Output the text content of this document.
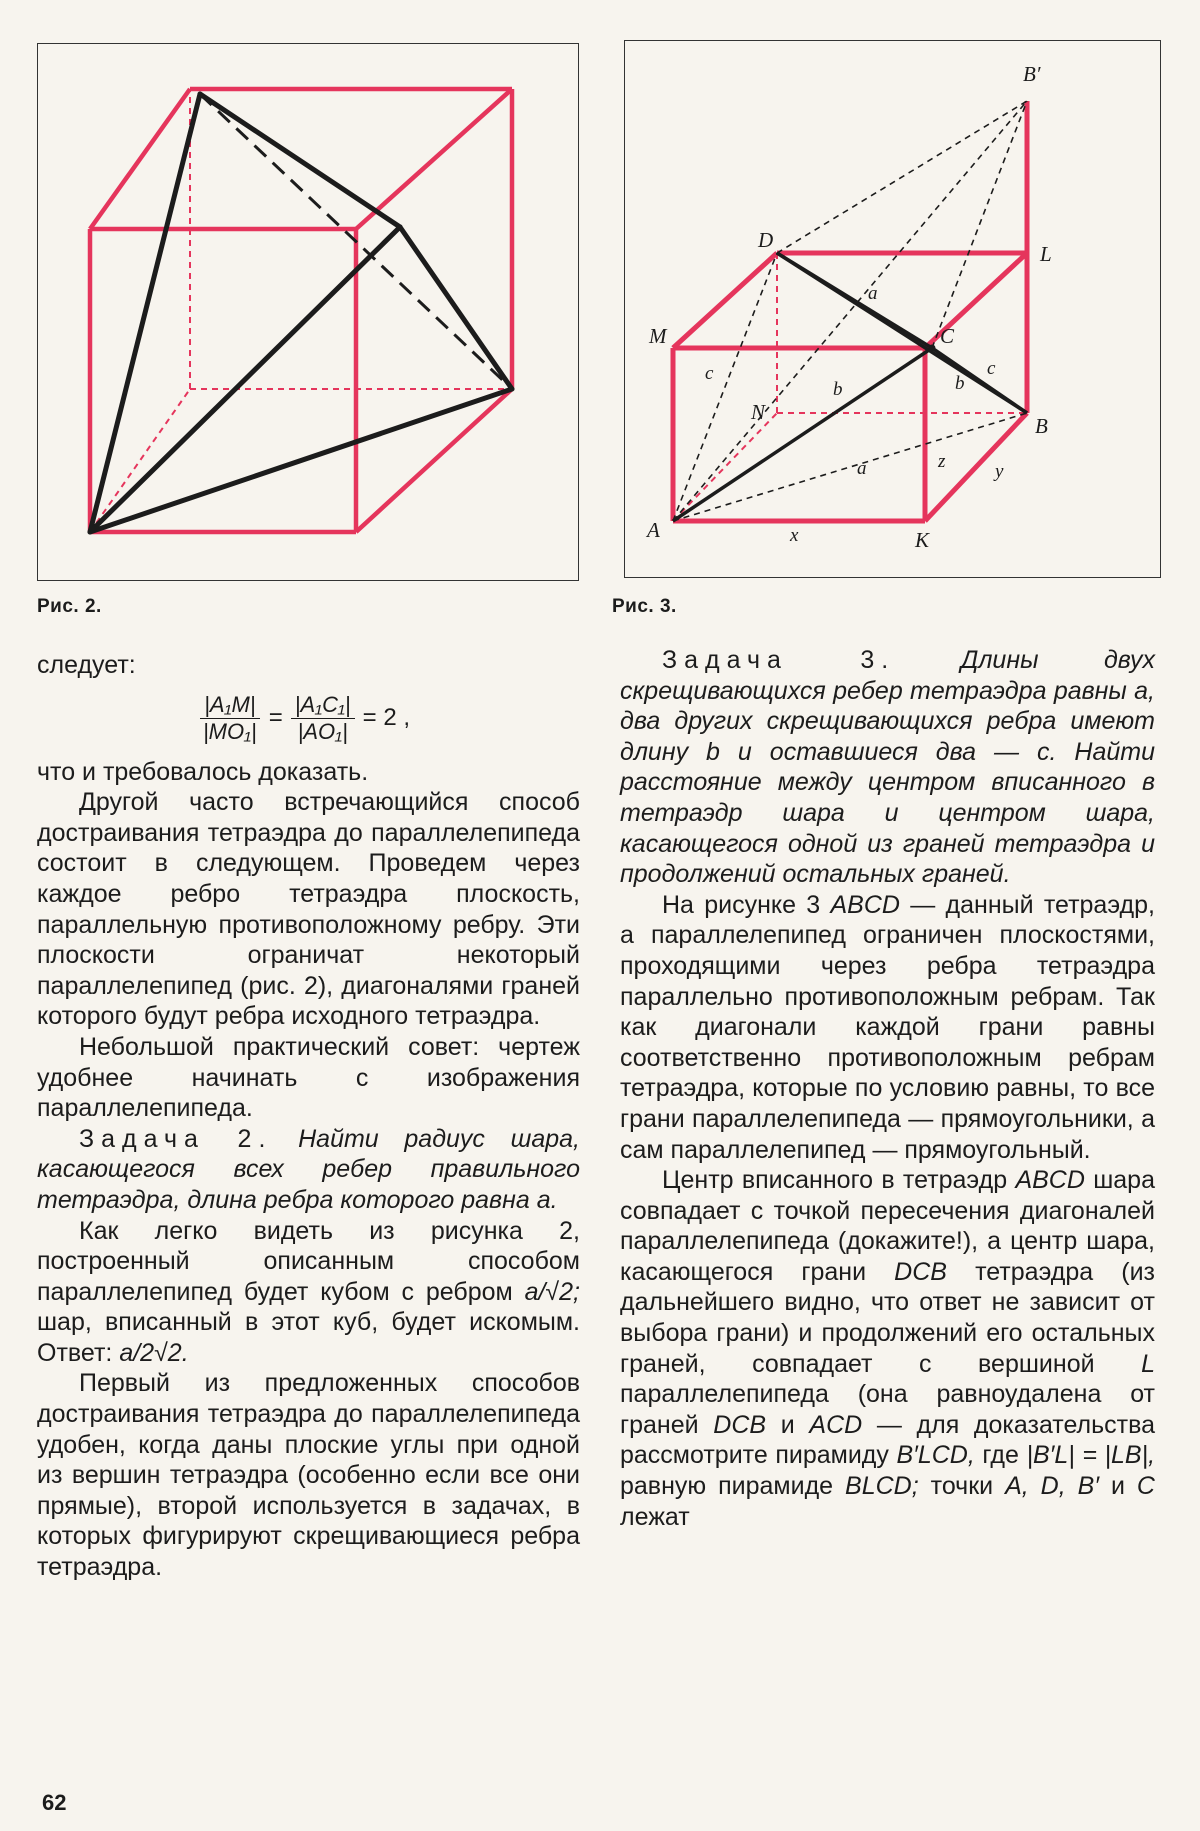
Рис. 2.
A	K
B
C
D
M
N
L
B′
a
a
b	b
c	c
x
y
z
Рис. 3.

следует:

$\frac{\text{|A₁M|}}{\text{|MO₁|}} = \frac{\text{|A₁C₁|}}{\text{|AO₁|}} = 2$ ,

что и требовалось доказать.

Другой часто встречающийся способ достраивания тетраэдра до параллелепипеда состоит в следующем. Проведем через каждое ребро тетраэдра плоскость, параллельную противоположному ребру. Эти плоскости ограничат некоторый параллелепипед (рис. 2), диагоналями граней которого будут ребра исходного тетраэдра.

Небольшой практический совет: чертеж удобнее начинать с изображения параллелепипеда.

Задача 2. Найти радиус шара, касающегося всех ребер правильного тетраэдра, длина ребра которого равна a.

Как легко видеть из рисунка 2, построенный описанным способом параллелепипед будет кубом с ребром a/√2; шар, вписанный в этот куб, будет искомым. Ответ: a/2√2.

Первый из предложенных способов достраивания тетраэдра до параллелепипеда удобен, когда даны плоские углы при одной из вершин тетраэдра (особенно если все они прямые), второй используется в задачах, в которых фигурируют скрещивающиеся ребра тетраэдра.

Задача 3.	Длины двух скрещивающихся ребер тетраэдра равны a, два других скрещивающихся ребра имеют длину b и оставшиеся два — c. Найти расстояние между центром вписанного в тетраэдр шара и центром шара, касающегося одной из граней тетраэдра и продолжений остальных граней.

На рисунке 3 ABCD — данный тетраэдр, а параллелепипед ограничен плоскостями, проходящими через ребра тетраэдра параллельно противоположным ребрам. Так как диагонали каждой грани равны соответственно противоположным ребрам тетраэдра, которые по условию равны, то все грани параллелепипеда — прямоугольники, а сам параллелепипед — прямоугольный.

Центр вписанного в тетраэдр ABCD шара совпадает с точкой пересечения диагоналей параллелепипеда (докажите!), а центр шара, касающегося грани DCB тетраэдра (из дальнейшего видно, что ответ не зависит от выбора грани) и продолжений его остальных граней, совпадает с вершиной L параллелепипеда (она равноудалена от граней DCB и ACD — для доказательства рассмотрите пирамиду B′LCD, где |B′L| = |LB|, равную пирамиде BLCD; точки A, D, B′ и C лежат

62
